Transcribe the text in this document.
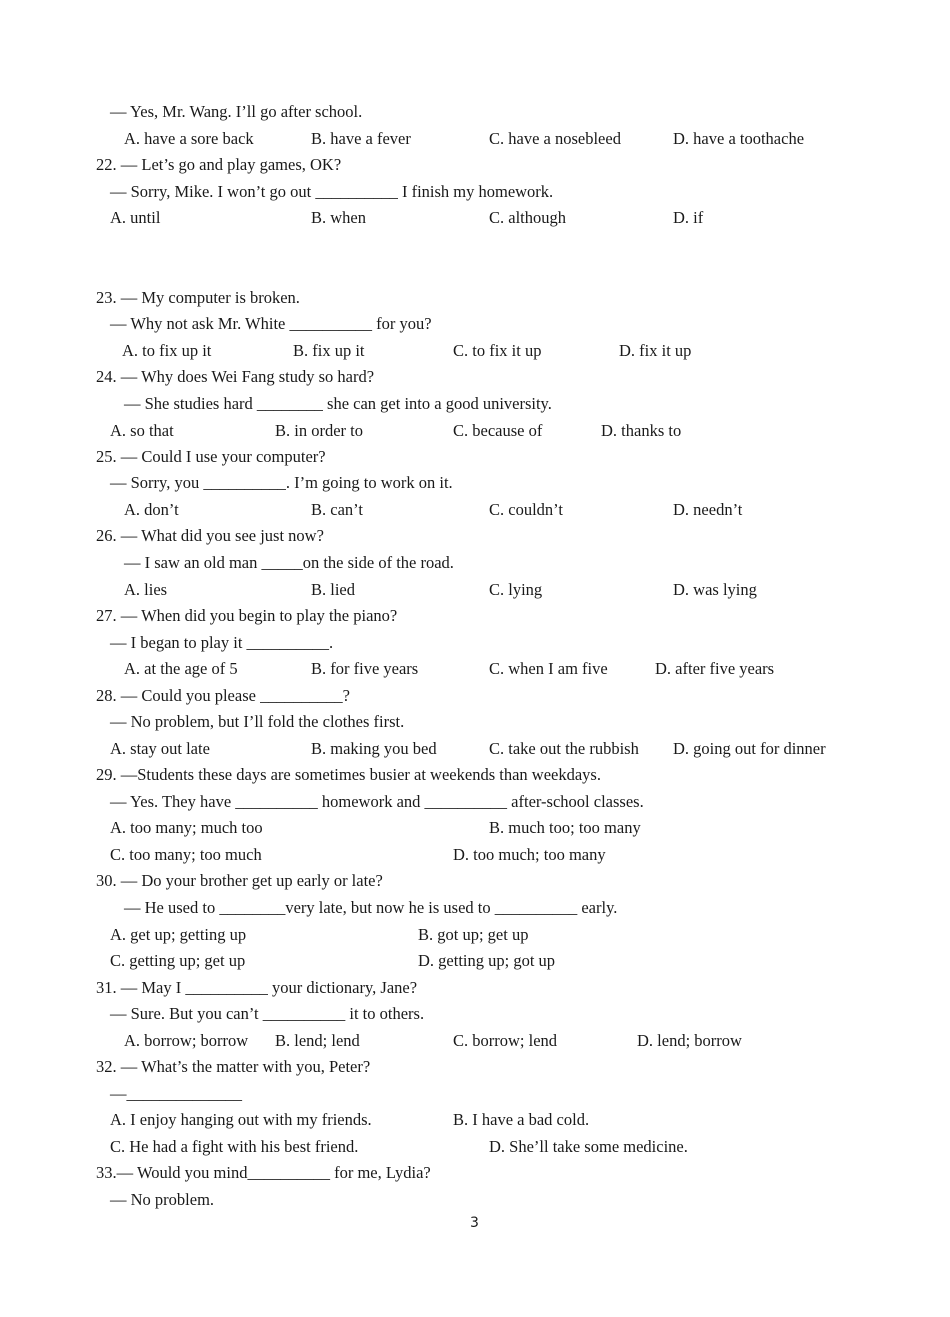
— Yes, Mr. Wang. I’ll go after school.
A. have a sore back	B. have a fever	C. have a nosebleed	D. have a toothache
22. — Let’s go and play games, OK?
— Sorry, Mike. I won’t go out __________ I finish my homework.
A. until	B. when	C. although	D. if
23. — My computer is broken.
— Why not ask Mr. White __________ for you?
A. to fix up it	B. fix up it	C. to fix it up	D. fix it up
24. — Why does Wei Fang study so hard?
— She studies hard ________ she can get into a good university.
A. so that	B. in order to	C. because of	D. thanks to
25. — Could I use your computer?
— Sorry, you __________. I’m going to work on it.
A. don’t	B. can’t	C. couldn’t	D. needn’t
26. — What did you see just now?
— I saw an old man _____on the side of the road.
A. lies	B. lied	C. lying	D. was lying
27. — When did you begin to play the piano?
— I began to play it __________.
A. at the age of 5	B. for five years	C. when I am five	D. after five years
28. — Could you please __________?
— No problem, but I’ll fold the clothes first.
A. stay out late	B. making you bed	C. take out the rubbish D. going out for dinner
29. —Students these days are sometimes busier at weekends than weekdays.
— Yes. They have __________ homework and __________ after-school classes.
A. too many; much too	B. much too; too many
C. too many; too much	D. too much; too many
30. — Do your brother get up early or late?
— He used to ________very late, but now he is used to __________ early.
A. get up; getting up	B. got up; get up
C. getting up; get up	D. getting up; got up
31. — May I __________ your dictionary, Jane?
— Sure. But you can’t __________ it to others.
A. borrow; borrow B. lend; lend	C. borrow; lend	D. lend; borrow
32. — What’s the matter with you, Peter?
—______________
A. I enjoy hanging out with my friends.	B. I have a bad cold.
C. He had a fight with his best friend.	D. She’ll take some medicine.
33.— Would you mind__________ for me, Lydia?
— No problem.
3
